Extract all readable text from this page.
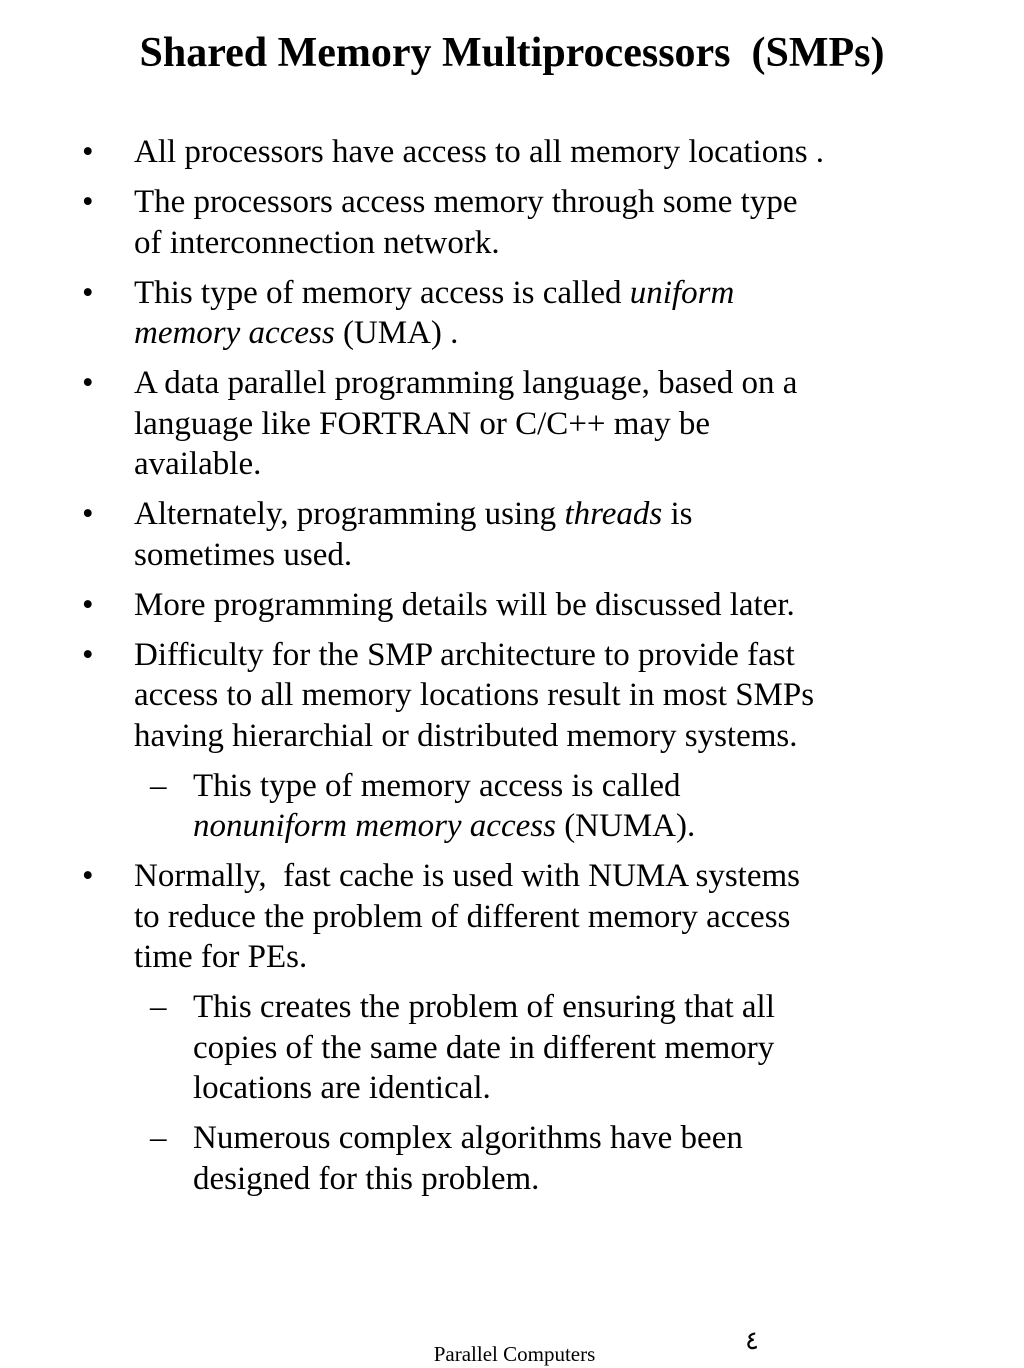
Shared Memory Multiprocessors  (SMPs)
• All processors have access to all memory locations .
• The processors access memory through some type
of interconnection network.
• This type of memory access is called uniform
memory access (UMA) .
• A data parallel programming language, based on a
language like FORTRAN or C/C++ may be
available.
• Alternately, programming using threads is
sometimes used.
• More programming details will be discussed later.
• Difficulty for the SMP architecture to provide fast
access to all memory locations result in most SMPs
having hierarchial or distributed memory systems.
– This type of memory access is called
nonuniform memory access (NUMA).
• Normally,  fast cache is used with NUMA systems
to reduce the problem of different memory access
time for PEs.
– This creates the problem of ensuring that all
copies of the same date in different memory
locations are identical.
– Numerous complex algorithms have been
designed for this problem.
Parallel Computers	٤
